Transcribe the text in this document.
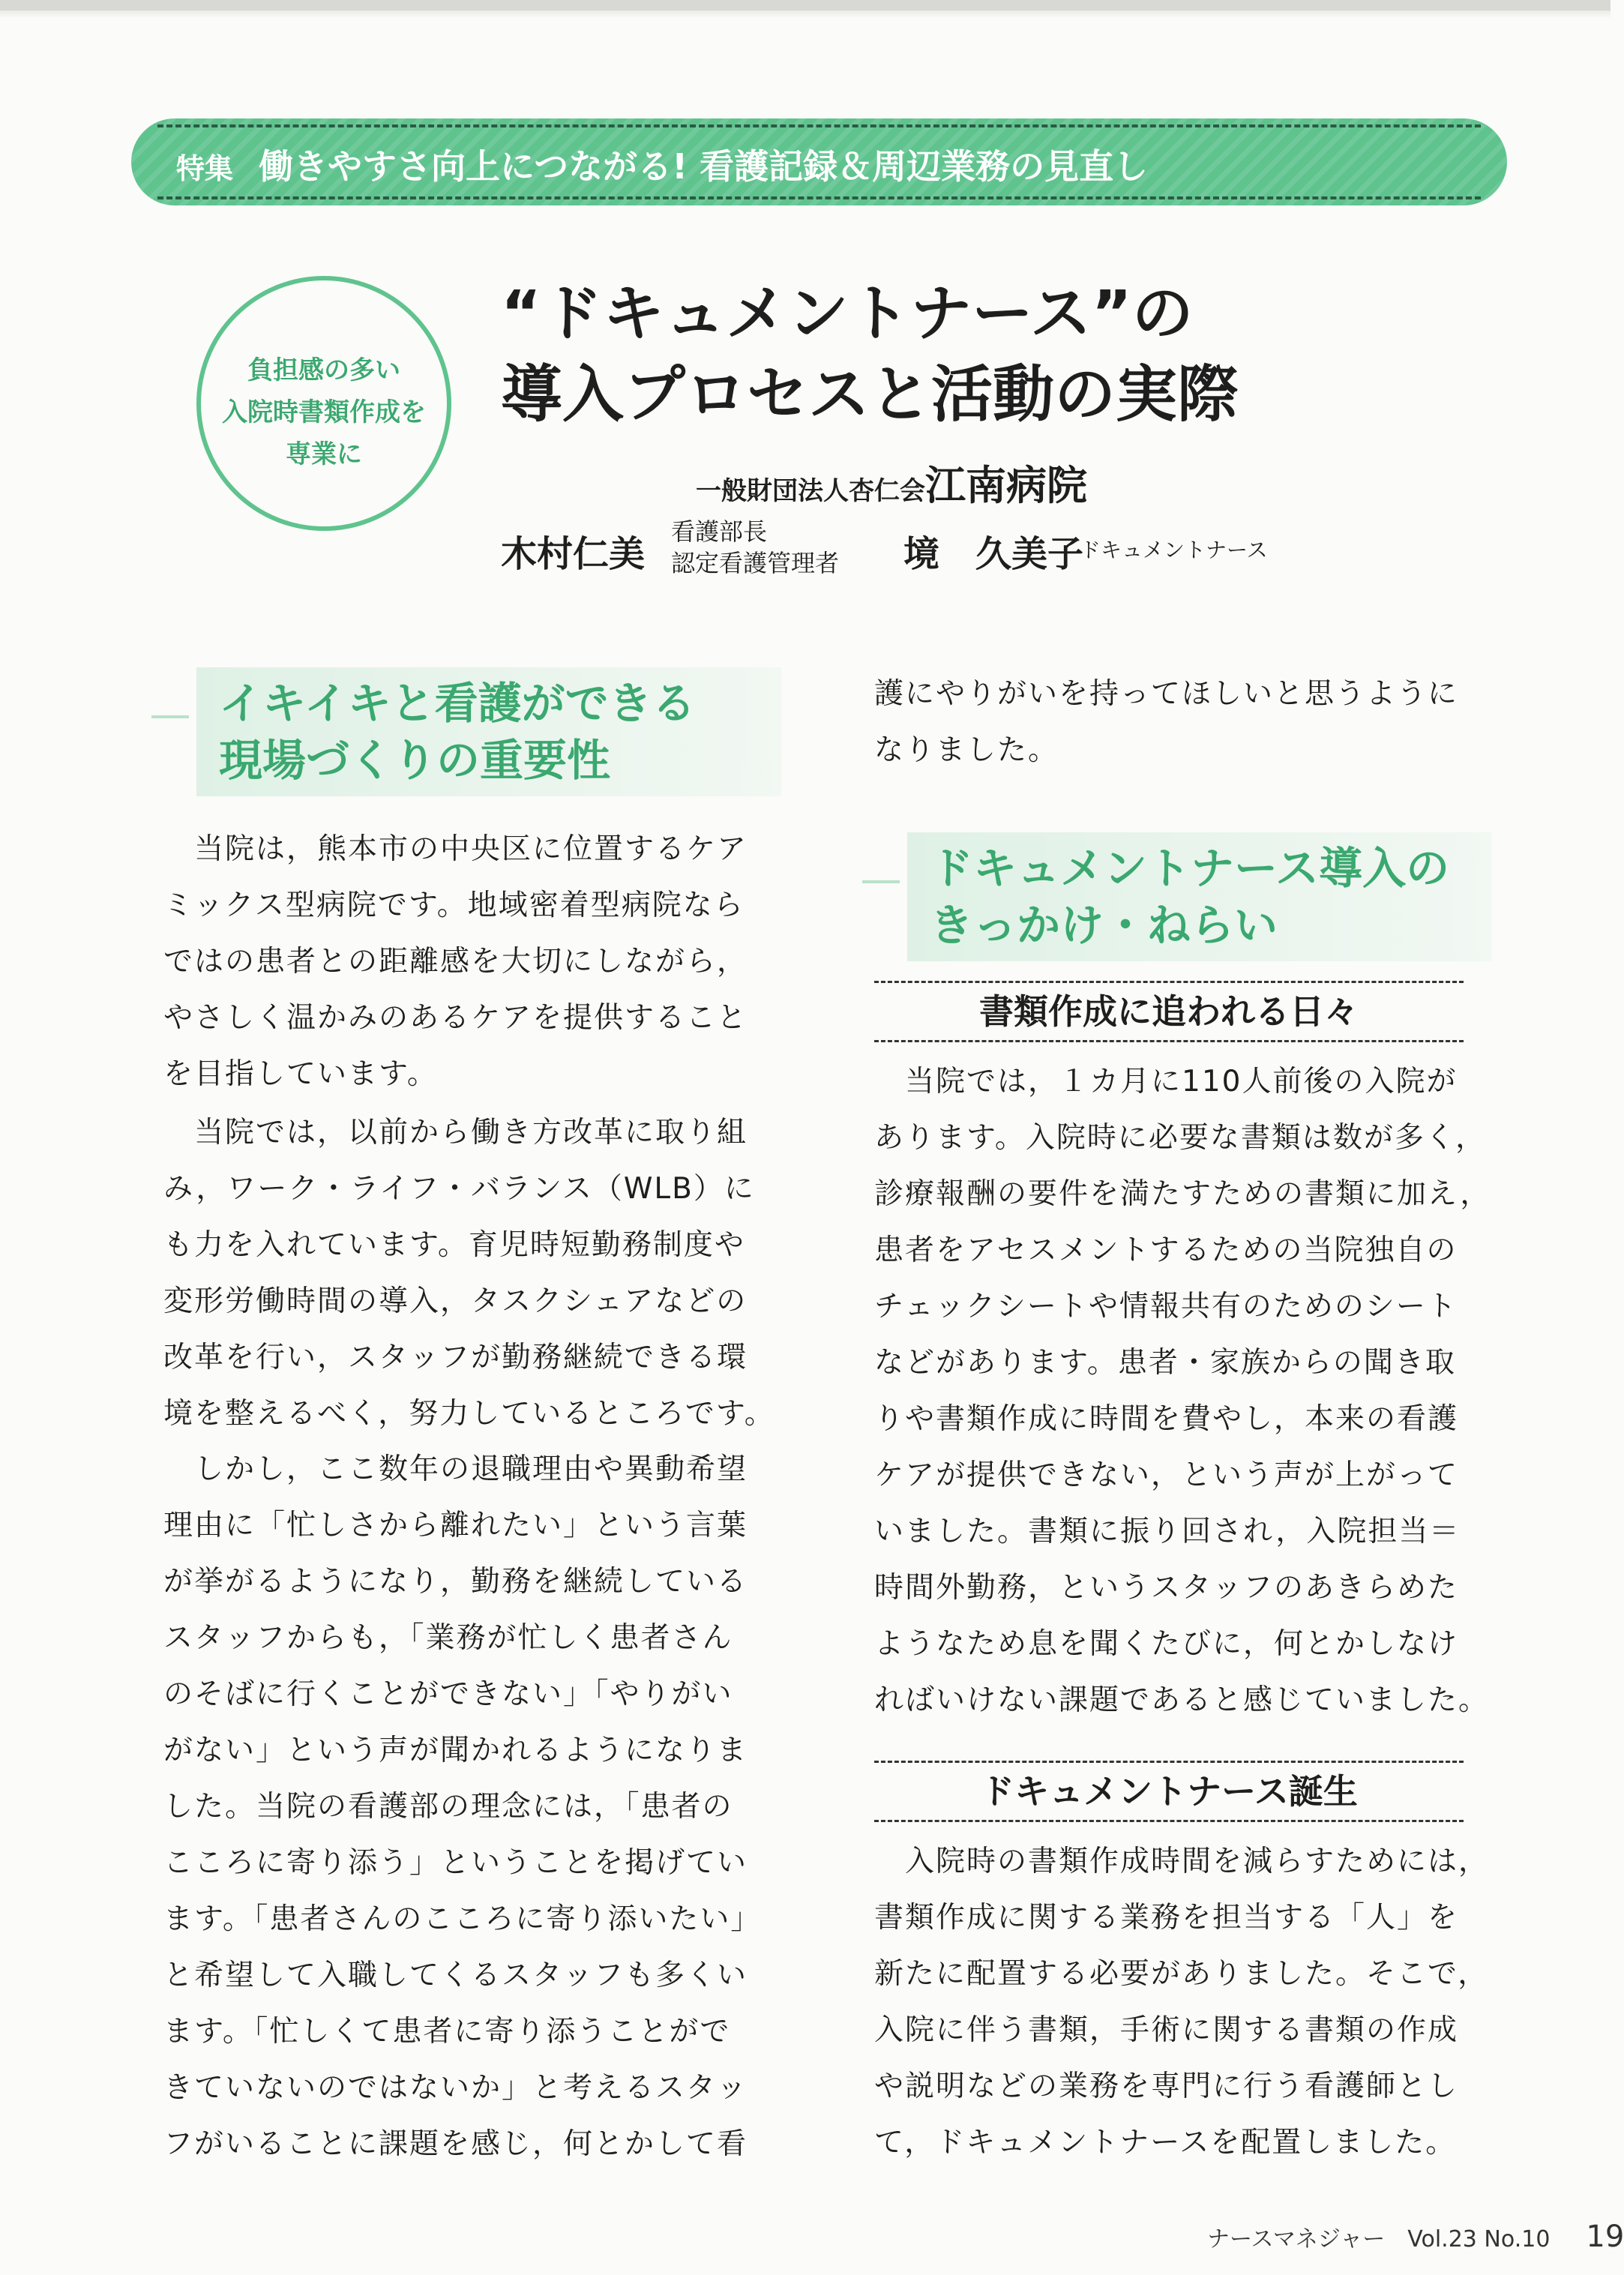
特集 働きやすさ向上につながる! 看護記録＆周辺業務の見直し
負担感の多い
入院時書類作成を
専業に
“ドキュメントナース”の
導入プロセスと活動の実際
一般財団法人杏仁会江南病院
木村仁美
看護部長
認定看護管理者 境　久美子
ドキュメントナース
イキイキと看護ができる
現場づくりの重要性
　当院は，熊本市の中央区に位置するケア
ミックス型病院です。地域密着型病院なら
ではの患者との距離感を大切にしながら，
やさしく温かみのあるケアを提供すること
を目指しています。
　当院では，以前から働き方改革に取り組
み，ワーク・ライフ・バランス（WLB）に
も力を入れています。育児時短勤務制度や
変形労働時間の導入，タスクシェアなどの
改革を行い，スタッフが勤務継続できる環
境を整えるべく，努力しているところです。
　しかし，ここ数年の退職理由や異動希望
理由に「忙しさから離れたい」という言葉
が挙がるようになり，勤務を継続している
スタッフからも，「業務が忙しく患者さん
のそばに行くことができない」「やりがい
がない」という声が聞かれるようになりま
した。当院の看護部の理念には，「患者の
こころに寄り添う」ということを掲げてい
ます。「患者さんのこころに寄り添いたい」
と希望して入職してくるスタッフも多くい
ます。「忙しくて患者に寄り添うことがで
きていないのではないか」と考えるスタッ
フがいることに課題を感じ，何とかして看
護にやりがいを持ってほしいと思うように
なりました。
ドキュメントナース導入の
きっかけ・ねらい
書類作成に追われる日々
　当院では，１カ月に110人前後の入院が
あります。入院時に必要な書類は数が多く，
診療報酬の要件を満たすための書類に加え，
患者をアセスメントするための当院独自の
チェックシートや情報共有のためのシート
などがあります。患者・家族からの聞き取
りや書類作成に時間を費やし，本来の看護
ケアが提供できない，という声が上がって
いました。書類に振り回され，入院担当＝
時間外勤務，というスタッフのあきらめた
ようなため息を聞くたびに，何とかしなけ
ればいけない課題であると感じていました。
ドキュメントナース誕生
　入院時の書類作成時間を減らすためには，
書類作成に関する業務を担当する「人」を
新たに配置する必要がありました。そこで，
入院に伴う書類，手術に関する書類の作成
や説明などの業務を専門に行う看護師とし
て，ドキュメントナースを配置しました。
ナースマネジャー　Vol.23 No.10 19
